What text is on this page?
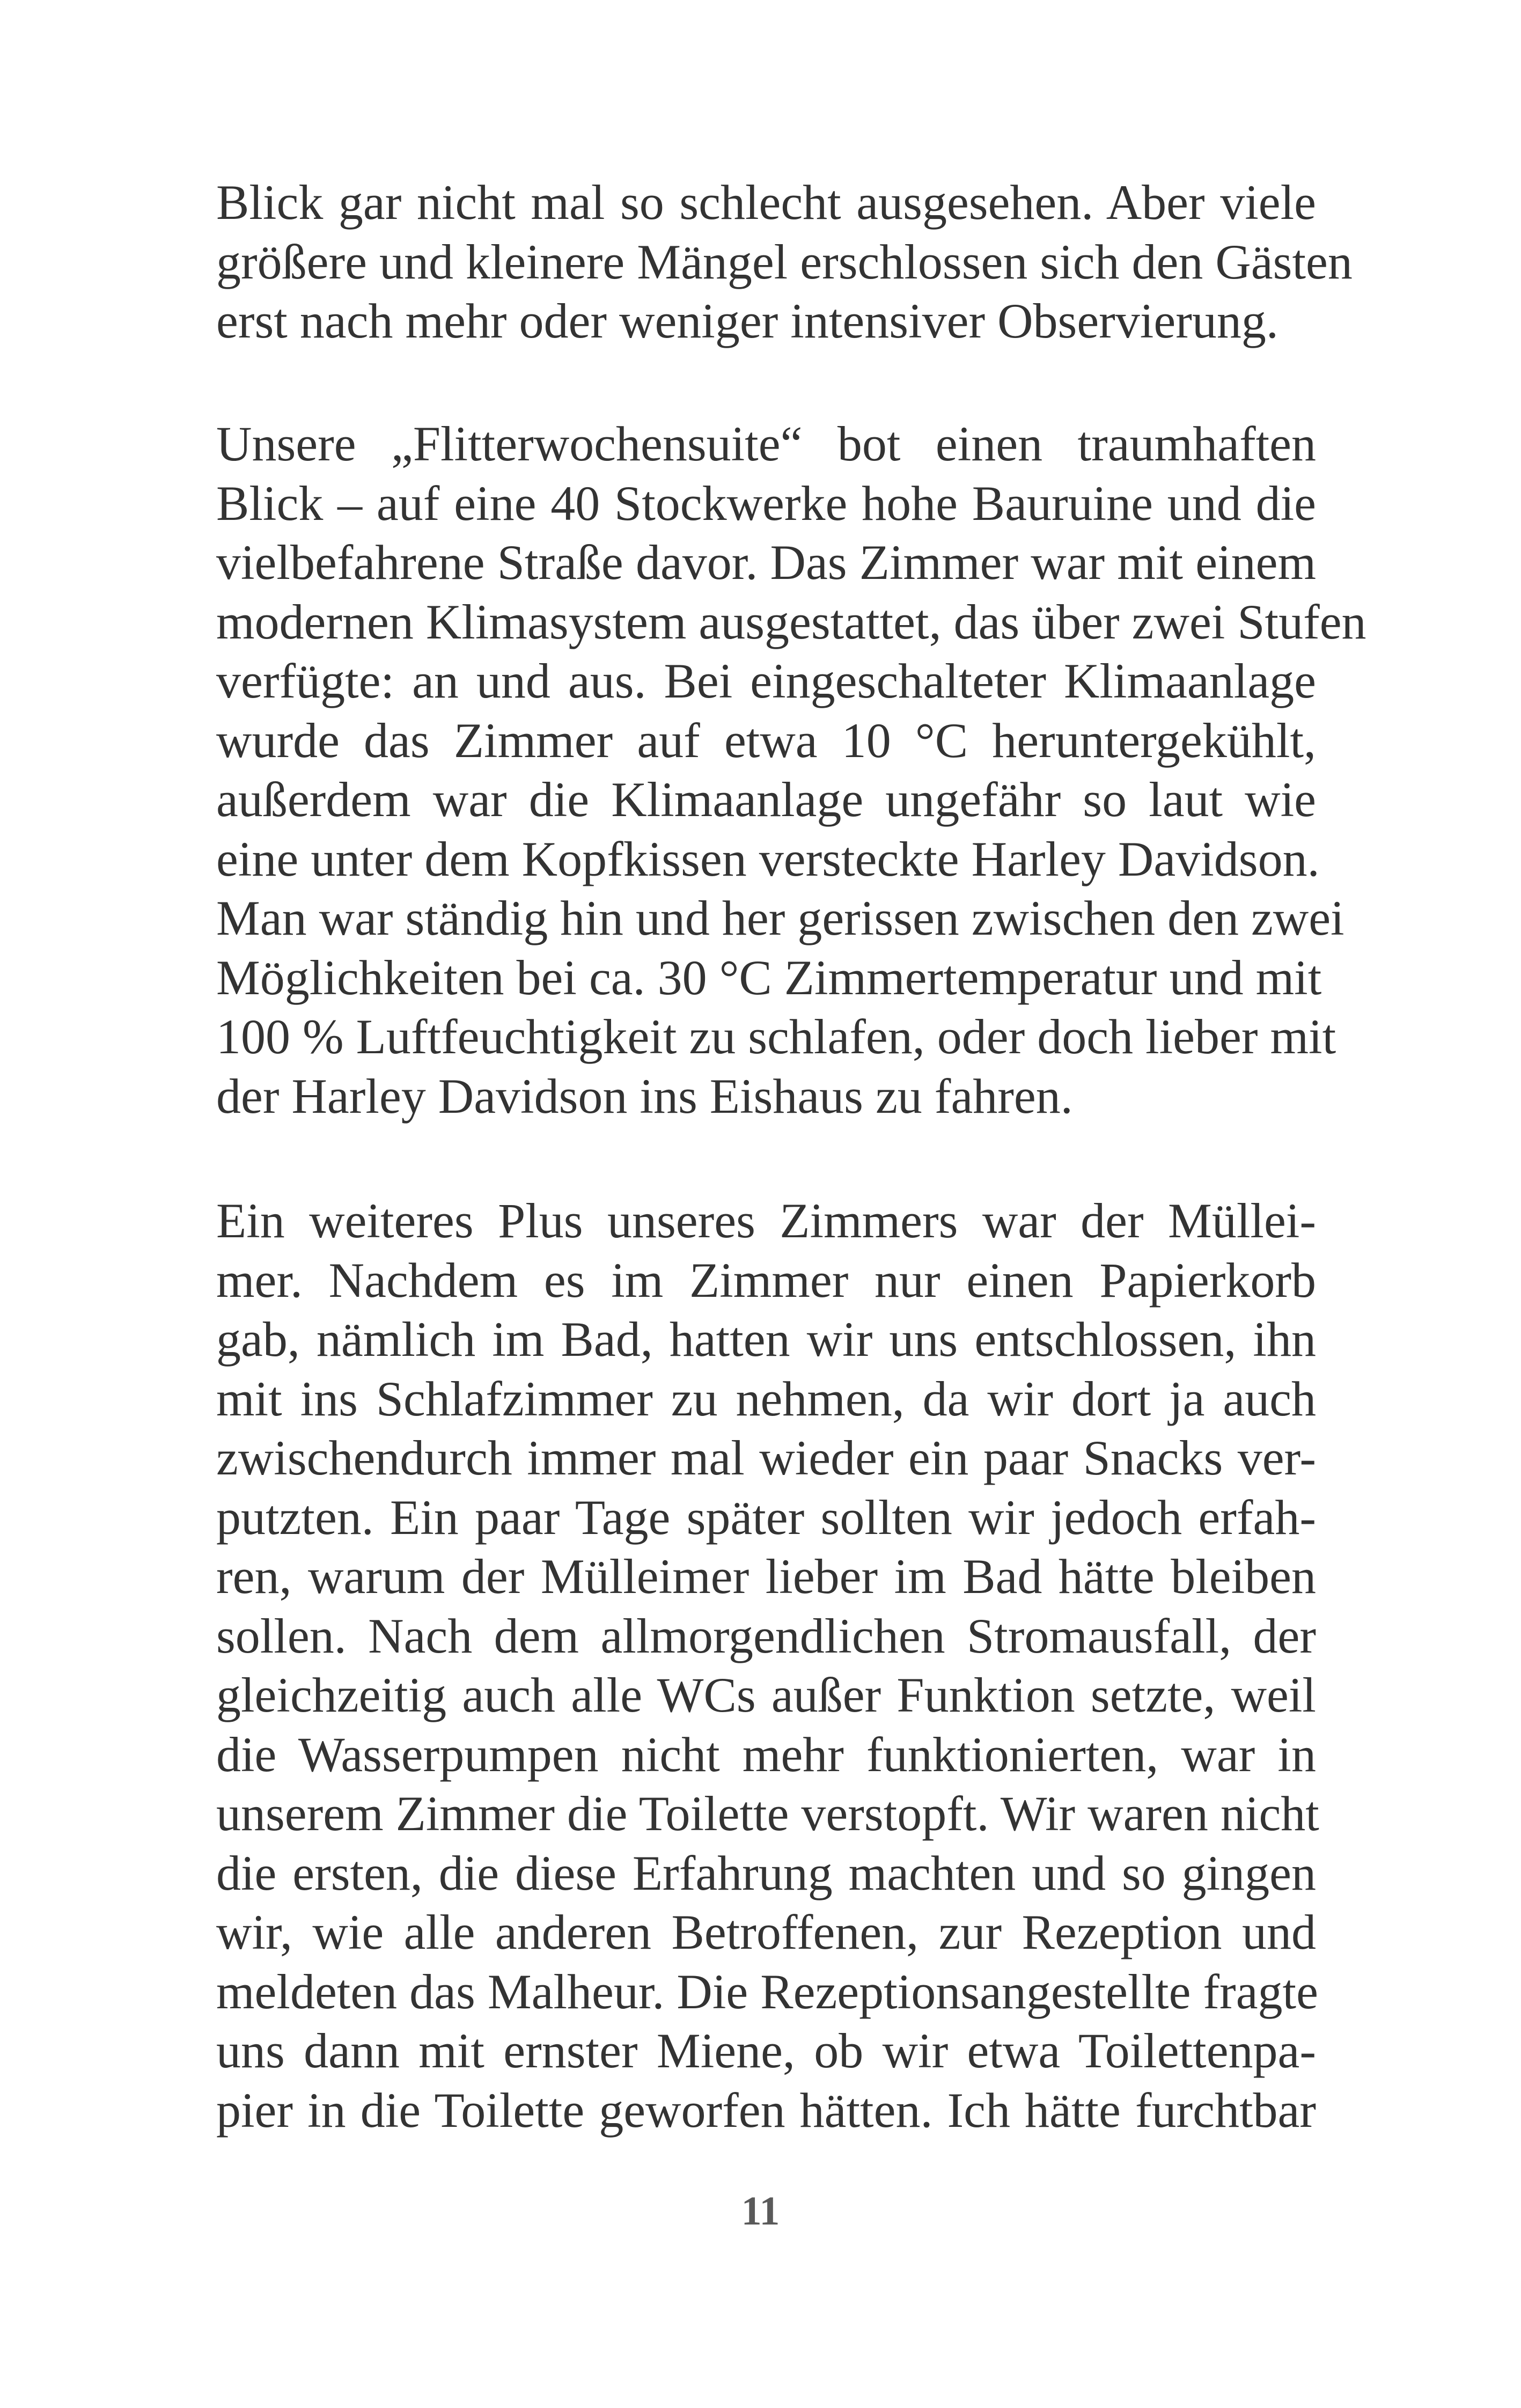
Blick gar nicht mal so schlecht ausgesehen. Aber viele
größere und kleinere Mängel erschlossen sich den Gästen
erst nach mehr oder weniger intensiver Observierung.
Unsere „Flitterwochensuite“ bot einen traumhaften
Blick – auf eine 40 Stockwerke hohe Bauruine und die
vielbefahrene Straße davor. Das Zimmer war mit einem
modernen Klimasystem ausgestattet, das über zwei Stufen
verfügte: an und aus. Bei eingeschalteter Klimaanlage
wurde das Zimmer auf etwa 10 °C heruntergekühlt,
außerdem war die Klimaanlage ungefähr so laut wie
eine unter dem Kopfkissen versteckte Harley Davidson.
Man war ständig hin und her gerissen zwischen den zwei
Möglichkeiten bei ca. 30 °C Zimmertemperatur und mit
100 % Luftfeuchtigkeit zu schlafen, oder doch lieber mit
der Harley Davidson ins Eishaus zu fahren.
Ein weiteres Plus unseres Zimmers war der Müllei-
mer. Nachdem es im Zimmer nur einen Papierkorb
gab, nämlich im Bad, hatten wir uns entschlossen, ihn
mit ins Schlafzimmer zu nehmen, da wir dort ja auch
zwischendurch immer mal wieder ein paar Snacks ver-
putzten. Ein paar Tage später sollten wir jedoch erfah-
ren, warum der Mülleimer lieber im Bad hätte bleiben
sollen. Nach dem allmorgendlichen Stromausfall, der
gleichzeitig auch alle WCs außer Funktion setzte, weil
die Wasserpumpen nicht mehr funktionierten, war in
unserem Zimmer die Toilette verstopft. Wir waren nicht
die ersten, die diese Erfahrung machten und so gingen
wir, wie alle anderen Betroffenen, zur Rezeption und
meldeten das Malheur. Die Rezeptionsangestellte fragte
uns dann mit ernster Miene, ob wir etwa Toilettenpa-
pier in die Toilette geworfen hätten. Ich hätte furchtbar
11
